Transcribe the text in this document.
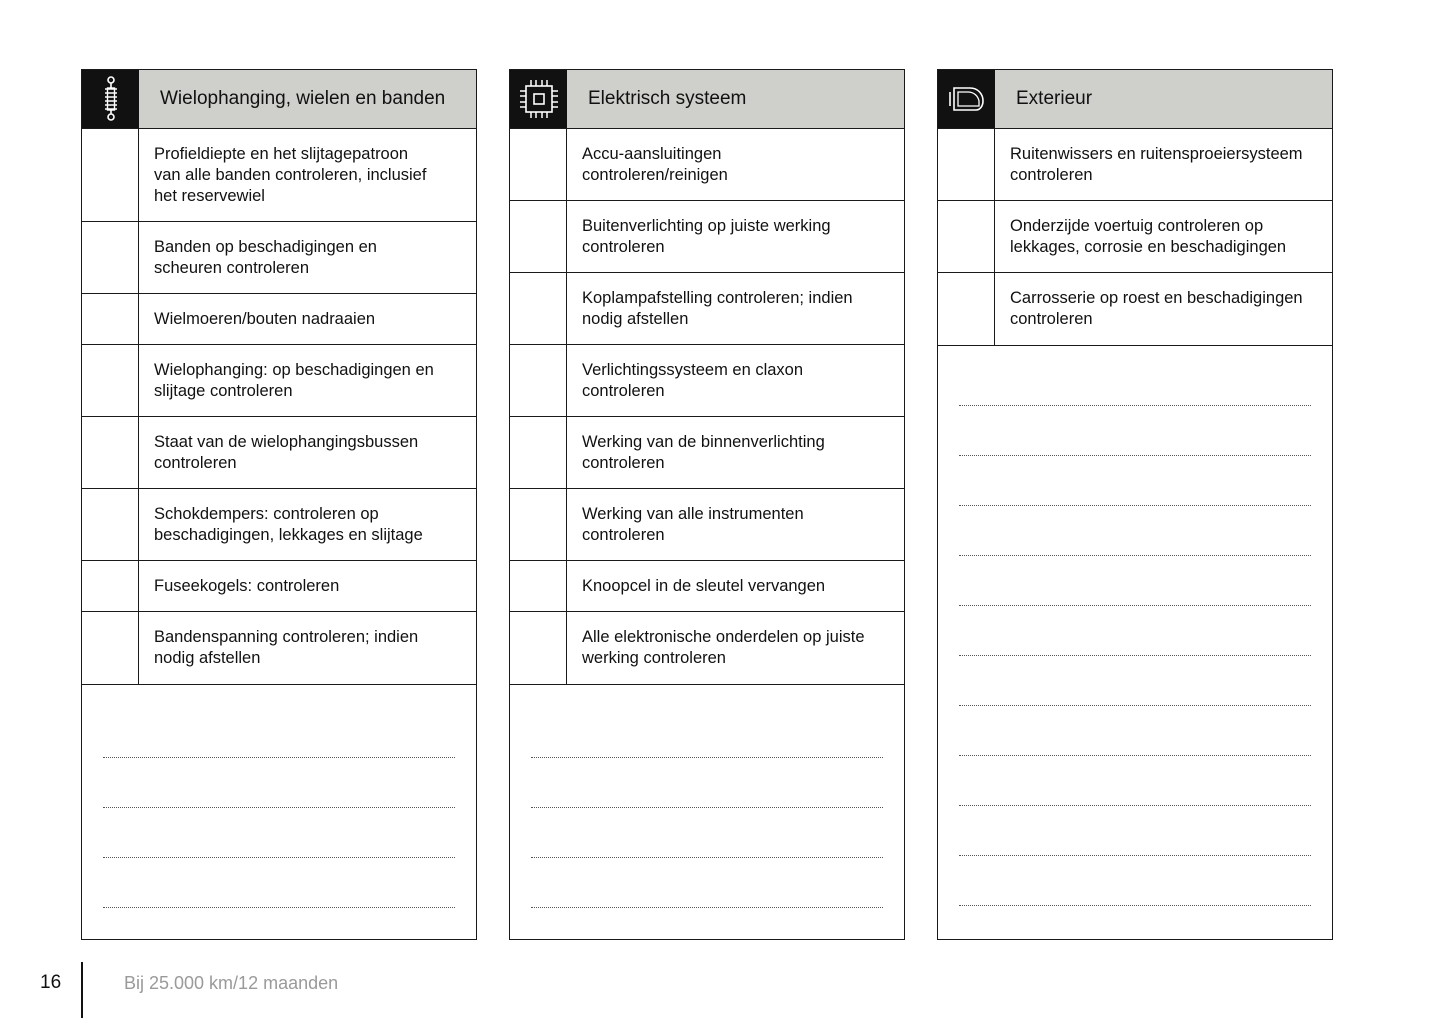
Wielophanging, wielen en banden
Profieldiepte en het slijtagepatroon
van alle banden controleren, inclusief
het reservewiel
Banden op beschadigingen en
scheuren controleren
Wielmoeren/bouten nadraaien
Wielophanging: op beschadigingen en
slijtage controleren
Staat van de wielophangingsbussen
controleren
Schokdempers: controleren op
beschadigingen, lekkages en slijtage
Fuseekogels: controleren
Bandenspanning controleren; indien
nodig afstellen
Elektrisch systeem
Accu-aansluitingen
controleren/reinigen
Buitenverlichting op juiste werking
controleren
Koplampafstelling controleren; indien
nodig afstellen
Verlichtingssysteem en claxon
controleren
Werking van de binnenverlichting
controleren
Werking van alle instrumenten
controleren
Knoopcel in de sleutel vervangen
Alle elektronische onderdelen op juiste
werking controleren
Exterieur
Ruitenwissers en ruitensproeiersysteem
controleren
Onderzijde voertuig controleren op
lekkages, corrosie en beschadigingen
Carrosserie op roest en beschadigingen
controleren
16	Bij 25.000 km/12 maanden
